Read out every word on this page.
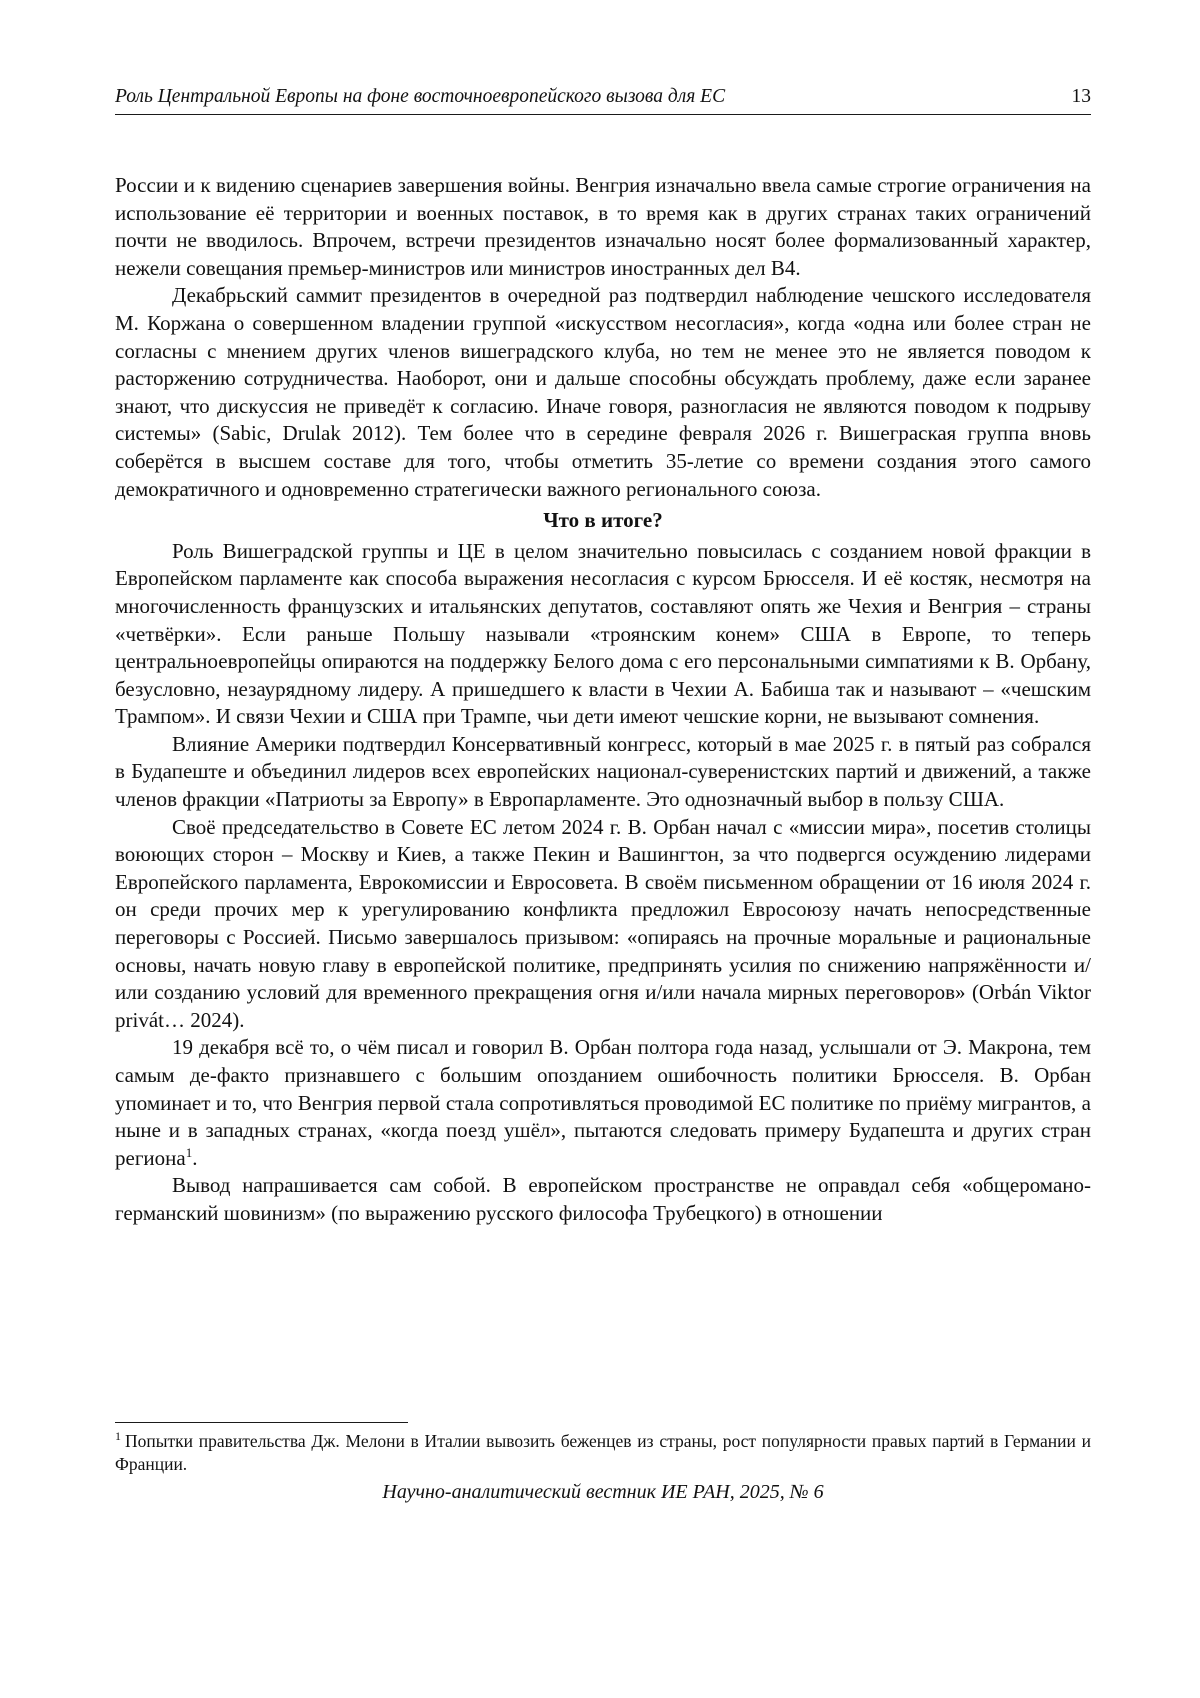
Роль Центральной Европы на фоне восточноевропейского вызова для ЕС	13

России и к видению сценариев завершения войны. Венгрия изначально ввела самые строгие ограничения на использование её территории и военных поставок, в то время как в других странах таких ограничений почти не вводилось. Впрочем, встречи президентов изначально носят более формализованный характер, нежели совещания премьер-министров или министров иностранных дел В4.

Декабрьский саммит президентов в очередной раз подтвердил наблюдение чешского исследователя М. Коржана о совершенном владении группой «искусством несогласия», когда «одна или более стран не согласны с мнением других членов вишеградского клуба, но тем не менее это не является поводом к расторжению сотрудничества. Наоборот, они и дальше способны обсуждать проблему, даже если заранее знают, что дискуссия не приведёт к согласию. Иначе говоря, разногласия не являются поводом к подрыву системы» (Sabic, Drulak 2012). Тем более что в середине февраля 2026 г. Вишеграская группа вновь соберётся в высшем составе для того, чтобы отметить 35-летие со времени создания этого самого демократичного и одновременно стратегически важного регионального союза.

Что в итоге?

Роль Вишеградской группы и ЦЕ в целом значительно повысилась с созданием новой фракции в Европейском парламенте как способа выражения несогласия с курсом Брюсселя. И её костяк, несмотря на многочисленность французских и итальянских депутатов, составляют опять же Чехия и Венгрия – страны «четвёрки». Если раньше Польшу называли «троянским конем» США в Европе, то теперь центральноевропейцы опираются на поддержку Белого дома с его персональными симпатиями к В. Орбану, безусловно, незаурядному лидеру. А пришедшего к власти в Чехии А. Бабиша так и называют – «чешским Трампом». И связи Чехии и США при Трампе, чьи дети имеют чешские корни, не вызывают сомнения.

Влияние Америки подтвердил Консервативный конгресс, который в мае 2025 г. в пятый раз собрался в Будапеште и объединил лидеров всех европейских национал-суверенистских партий и движений, а также членов фракции «Патриоты за Европу» в Европарламенте. Это однозначный выбор в пользу США.

Своё председательство в Совете ЕС летом 2024 г. В. Орбан начал с «миссии мира», посетив столицы воюющих сторон – Москву и Киев, а также Пекин и Вашингтон, за что подвергся осуждению лидерами Европейского парламента, Еврокомиссии и Евросовета. В своём письменном обращении от 16 июля 2024 г. он среди прочих мер к урегулированию конфликта предложил Евросоюзу начать непосредственные переговоры с Россией. Письмо завершалось призывом: «опираясь на прочные моральные и рациональные основы, начать новую главу в европейской политике, предпринять усилия по снижению напряжённости и/или созданию условий для временного прекращения огня и/или начала мирных переговоров» (Orbán Viktor privát… 2024).

19 декабря всё то, о чём писал и говорил В. Орбан полтора года назад, услышали от Э. Макрона, тем самым де-факто признавшего с большим опозданием ошибочность политики Брюсселя. В. Орбан упоминает и то, что Венгрия первой стала сопротивляться проводимой ЕС политике по приёму мигрантов, а ныне и в западных странах, «когда поезд ушёл», пытаются следовать примеру Будапешта и других стран региона$^1$.

Вывод напрашивается сам собой. В европейском пространстве не оправдал себя «общероманo-германский шовинизм» (по выражению русского философа Трубецкого) в отношении

$^1$ Попытки правительства Дж. Мелони в Италии вывозить беженцев из страны, рост популярности правых партий в Германии и Франции.
Научно-аналитический вестник ИЕ РАН, 2025, № 6
